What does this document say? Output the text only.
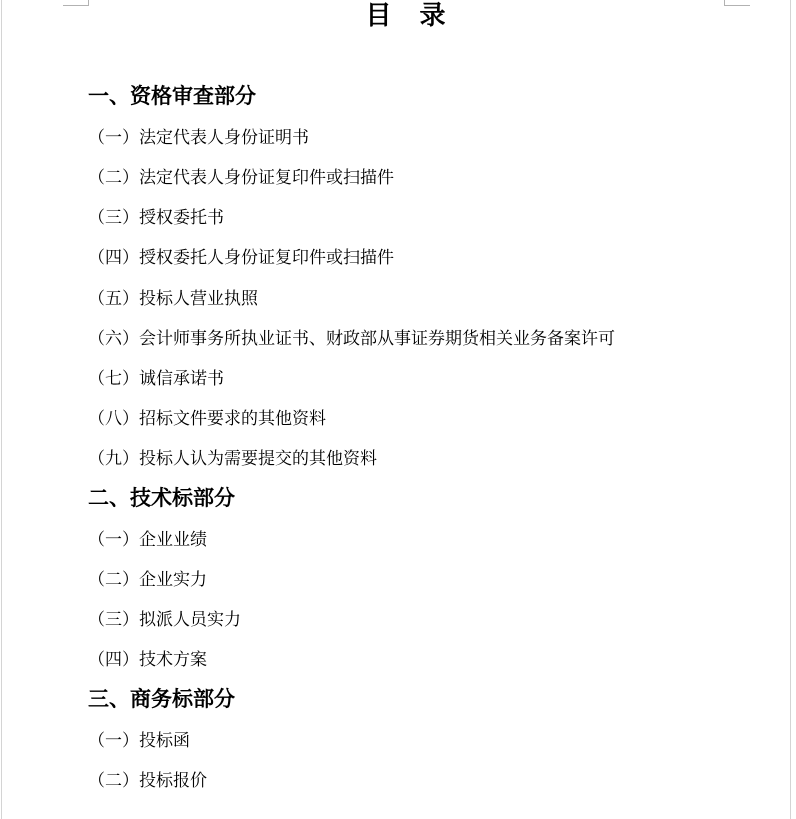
目　录
一、资格审查部分
（一）法定代表人身份证明书
（二）法定代表人身份证复印件或扫描件
（三）授权委托书
（四）授权委托人身份证复印件或扫描件
（五）投标人营业执照
（六）会计师事务所执业证书、财政部从事证券期货相关业务备案许可
（七）诚信承诺书
（八）招标文件要求的其他资料
（九）投标人认为需要提交的其他资料
二、技术标部分
（一）企业业绩
（二）企业实力
（三）拟派人员实力
（四）技术方案
三、商务标部分
（一）投标函
（二）投标报价
